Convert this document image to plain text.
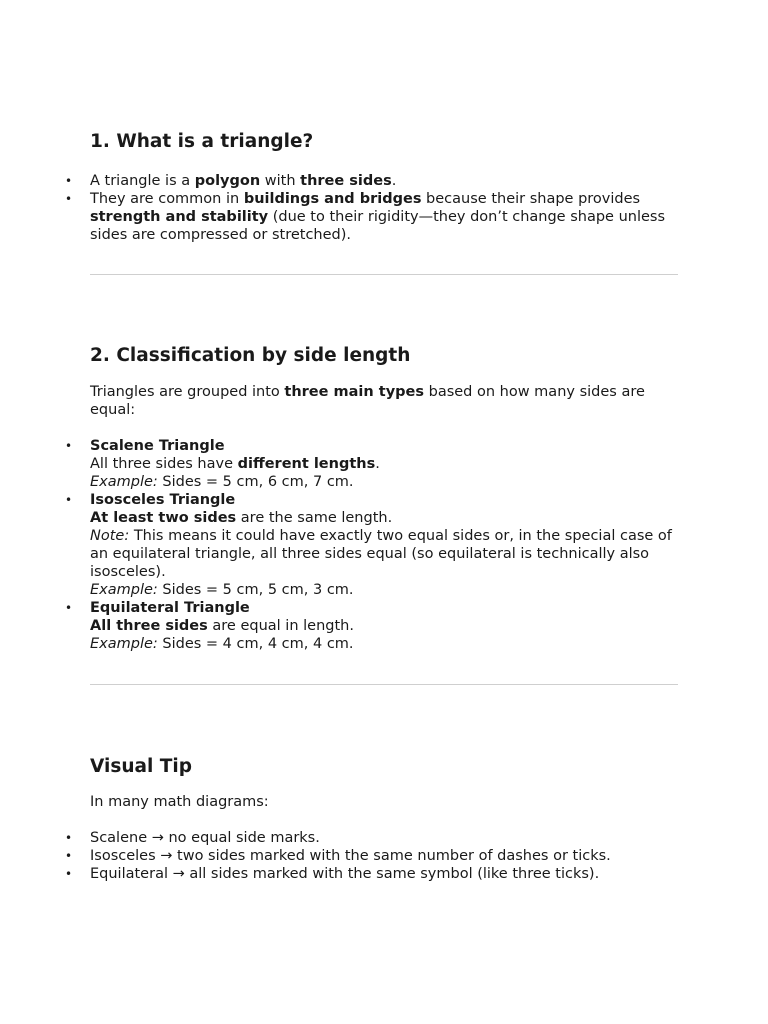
1. What is a triangle?
• A triangle is a polygon with three sides.
• They are common in buildings and bridges because their shape provides strength and stability (due to their rigidity—they don’t change shape unless sides are compressed or stretched).
2. Classification by side length

Triangles are grouped into three main types based on how many sides are equal:

• Scalene Triangle
All three sides have different lengths.
Example: Sides = 5 cm, 6 cm, 7 cm.
• Isosceles Triangle
At least two sides are the same length.
Note: This means it could have exactly two equal sides or, in the special case of an equilateral triangle, all three sides equal (so equilateral is technically also isosceles).
Example: Sides = 5 cm, 5 cm, 3 cm.
• Equilateral Triangle
All three sides are equal in length.
Example: Sides = 4 cm, 4 cm, 4 cm.
Visual Tip

In many math diagrams:

• Scalene → no equal side marks.
• Isosceles → two sides marked with the same number of dashes or ticks.
• Equilateral → all sides marked with the same symbol (like three ticks).
